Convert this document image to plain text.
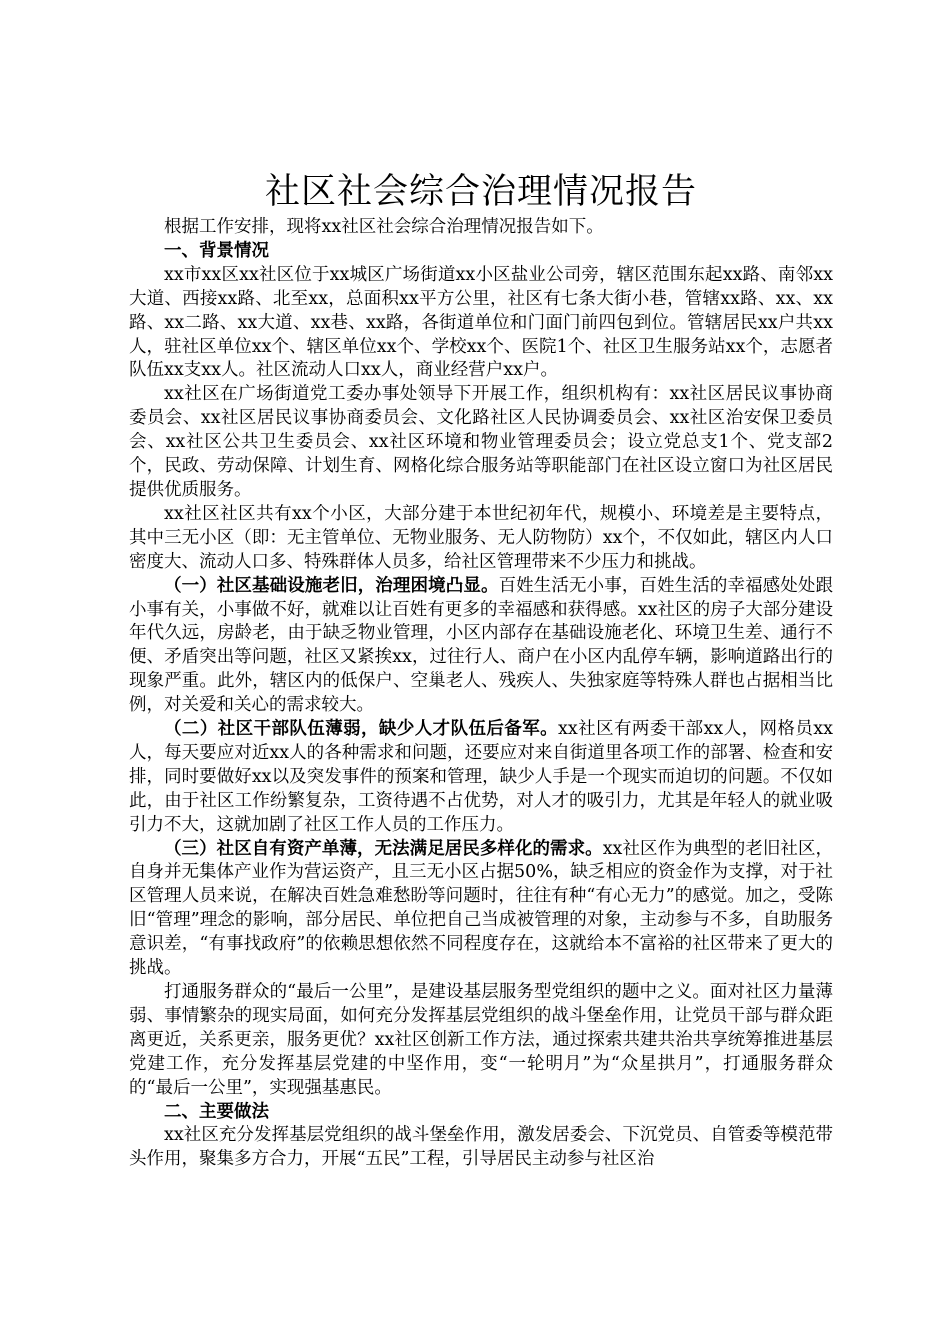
社区社会综合治理情况报告

根据工作安排，现将xx社区社会综合治理情况报告如下。

一、背景情况

xx市xx区xx社区位于xx城区广场街道xx小区盐业公司旁，辖区范围东起xx路、南邻xx大道、西接xx路、北至xx，总面积xx平方公里，社区有七条大街小巷，管辖xx路、xx、xx路、xx二路、xx大道、xx巷、xx路，各街道单位和门面门前四包到位。管辖居民xx户共xx人，驻社区单位xx个、辖区单位xx个、学校xx个、医院1个、社区卫生服务站xx个，志愿者队伍xx支xx人。社区流动人口xx人，商业经营户xx户。

xx社区在广场街道党工委办事处领导下开展工作，组织机构有：xx社区居民议事协商委员会、xx社区居民议事协商委员会、文化路社区人民协调委员会、xx社区治安保卫委员会、xx社区公共卫生委员会、xx社区环境和物业管理委员会；设立党总支1个、党支部2个，民政、劳动保障、计划生育、网格化综合服务站等职能部门在社区设立窗口为社区居民提供优质服务。

xx社区社区共有xx个小区，大部分建于本世纪初年代，规模小、环境差是主要特点，其中三无小区（即：无主管单位、无物业服务、无人防物防）xx个，不仅如此，辖区内人口密度大、流动人口多、特殊群体人员多，给社区管理带来不少压力和挑战。

（一）社区基础设施老旧，治理困境凸显。百姓生活无小事，百姓生活的幸福感处处跟小事有关，小事做不好，就难以让百姓有更多的幸福感和获得感。xx社区的房子大部分建设年代久远，房龄老，由于缺乏物业管理，小区内部存在基础设施老化、环境卫生差、通行不便、矛盾突出等问题，社区又紧挨xx，过往行人、商户在小区内乱停车辆，影响道路出行的现象严重。此外，辖区内的低保户、空巢老人、残疾人、失独家庭等特殊人群也占据相当比例，对关爱和关心的需求较大。

（二）社区干部队伍薄弱，缺少人才队伍后备军。xx社区有两委干部xx人，网格员xx人，每天要应对近xx人的各种需求和问题，还要应对来自街道里各项工作的部署、检查和安排，同时要做好xx以及突发事件的预案和管理，缺少人手是一个现实而迫切的问题。不仅如此，由于社区工作纷繁复杂，工资待遇不占优势，对人才的吸引力，尤其是年轻人的就业吸引力不大，这就加剧了社区工作人员的工作压力。

（三）社区自有资产单薄，无法满足居民多样化的需求。xx社区作为典型的老旧社区，自身并无集体产业作为营运资产，且三无小区占据50%，缺乏相应的资金作为支撑，对于社区管理人员来说，在解决百姓急难愁盼等问题时，往往有种“有心无力”的感觉。加之，受陈旧“管理”理念的影响，部分居民、单位把自己当成被管理的对象，主动参与不多，自助服务意识差，“有事找政府”的依赖思想依然不同程度存在，这就给本不富裕的社区带来了更大的挑战。

打通服务群众的“最后一公里”，是建设基层服务型党组织的题中之义。面对社区力量薄弱、事情繁杂的现实局面，如何充分发挥基层党组织的战斗堡垒作用，让党员干部与群众距离更近，关系更亲，服务更优？xx社区创新工作方法，通过探索共建共治共享统筹推进基层党建工作，充分发挥基层党建的中坚作用，变“一轮明月”为“众星拱月”，打通服务群众的“最后一公里”，实现强基惠民。

二、主要做法

xx社区充分发挥基层党组织的战斗堡垒作用，激发居委会、下沉党员、自管委等模范带头作用，聚集多方合力，开展“五民”工程，引导居民主动参与社区治
